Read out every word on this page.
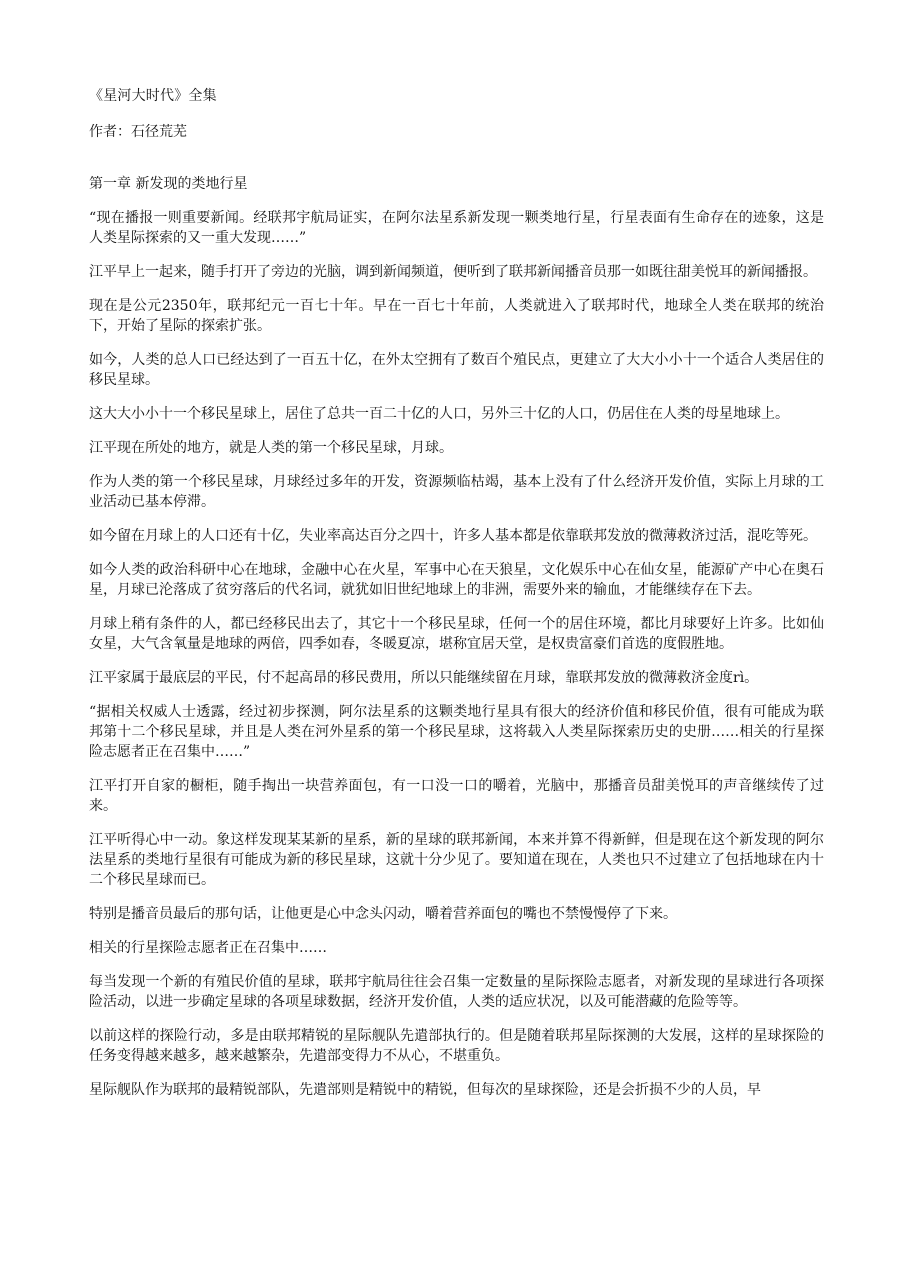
《星河大时代》全集
作者：石径荒芜
第一章 新发现的类地行星

“现在播报一则重要新闻。经联邦宇航局证实，在阿尔法星系新发现一颗类地行星，行星表面有生命存在的迹象，这是人类星际探索的又一重大发现……”

江平早上一起来，随手打开了旁边的光脑，调到新闻频道，便听到了联邦新闻播音员那一如既往甜美悦耳的新闻播报。

现在是公元2350年，联邦纪元一百七十年。早在一百七十年前，人类就进入了联邦时代，地球全人类在联邦的统治下，开始了星际的探索扩张。

如今，人类的总人口已经达到了一百五十亿，在外太空拥有了数百个殖民点，更建立了大大小小十一个适合人类居住的移民星球。

这大大小小十一个移民星球上，居住了总共一百二十亿的人口，另外三十亿的人口，仍居住在人类的母星地球上。

江平现在所处的地方，就是人类的第一个移民星球，月球。

作为人类的第一个移民星球，月球经过多年的开发，资源频临枯竭，基本上没有了什么经济开发价值，实际上月球的工业活动已基本停滞。

如今留在月球上的人口还有十亿，失业率高达百分之四十，许多人基本都是依靠联邦发放的微薄救济过活，混吃等死。

如今人类的政治科研中心在地球，金融中心在火星，军事中心在天狼星，文化娱乐中心在仙女星，能源矿产中心在奥石星，月球已沦落成了贫穷落后的代名词，就犹如旧世纪地球上的非洲，需要外来的输血，才能继续存在下去。

月球上稍有条件的人，都已经移民出去了，其它十一个移民星球，任何一个的居住环境，都比月球要好上许多。比如仙女星，大气含氧量是地球的两倍，四季如春，冬暖夏凉，堪称宜居天堂，是权贵富豪们首选的度假胜地。

江平家属于最底层的平民，付不起高昂的移民费用，所以只能继续留在月球，靠联邦发放的微薄救济金度rì。

“据相关权威人士透露，经过初步探测，阿尔法星系的这颗类地行星具有很大的经济价值和移民价值，很有可能成为联邦第十二个移民星球，并且是人类在河外星系的第一个移民星球，这将载入人类星际探索历史的史册……相关的行星探险志愿者正在召集中……”

江平打开自家的橱柜，随手掏出一块营养面包，有一口没一口的嚼着，光脑中，那播音员甜美悦耳的声音继续传了过来。

江平听得心中一动。象这样发现某某新的星系，新的星球的联邦新闻，本来并算不得新鲜，但是现在这个新发现的阿尔法星系的类地行星很有可能成为新的移民星球，这就十分少见了。要知道在现在，人类也只不过建立了包括地球在内十二个移民星球而已。

特别是播音员最后的那句话，让他更是心中念头闪动，嚼着营养面包的嘴也不禁慢慢停了下来。

相关的行星探险志愿者正在召集中……

每当发现一个新的有殖民价值的星球，联邦宇航局往往会召集一定数量的星际探险志愿者，对新发现的星球进行各项探险活动，以进一步确定星球的各项星球数据，经济开发价值，人类的适应状况，以及可能潜藏的危险等等。

以前这样的探险行动，多是由联邦精锐的星际舰队先遣部执行的。但是随着联邦星际探测的大发展，这样的星球探险的任务变得越来越多，越来越繁杂，先遣部变得力不从心，不堪重负。

星际舰队作为联邦的最精锐部队，先遣部则是精锐中的精锐，但每次的星球探险，还是会折损不少的人员，早
